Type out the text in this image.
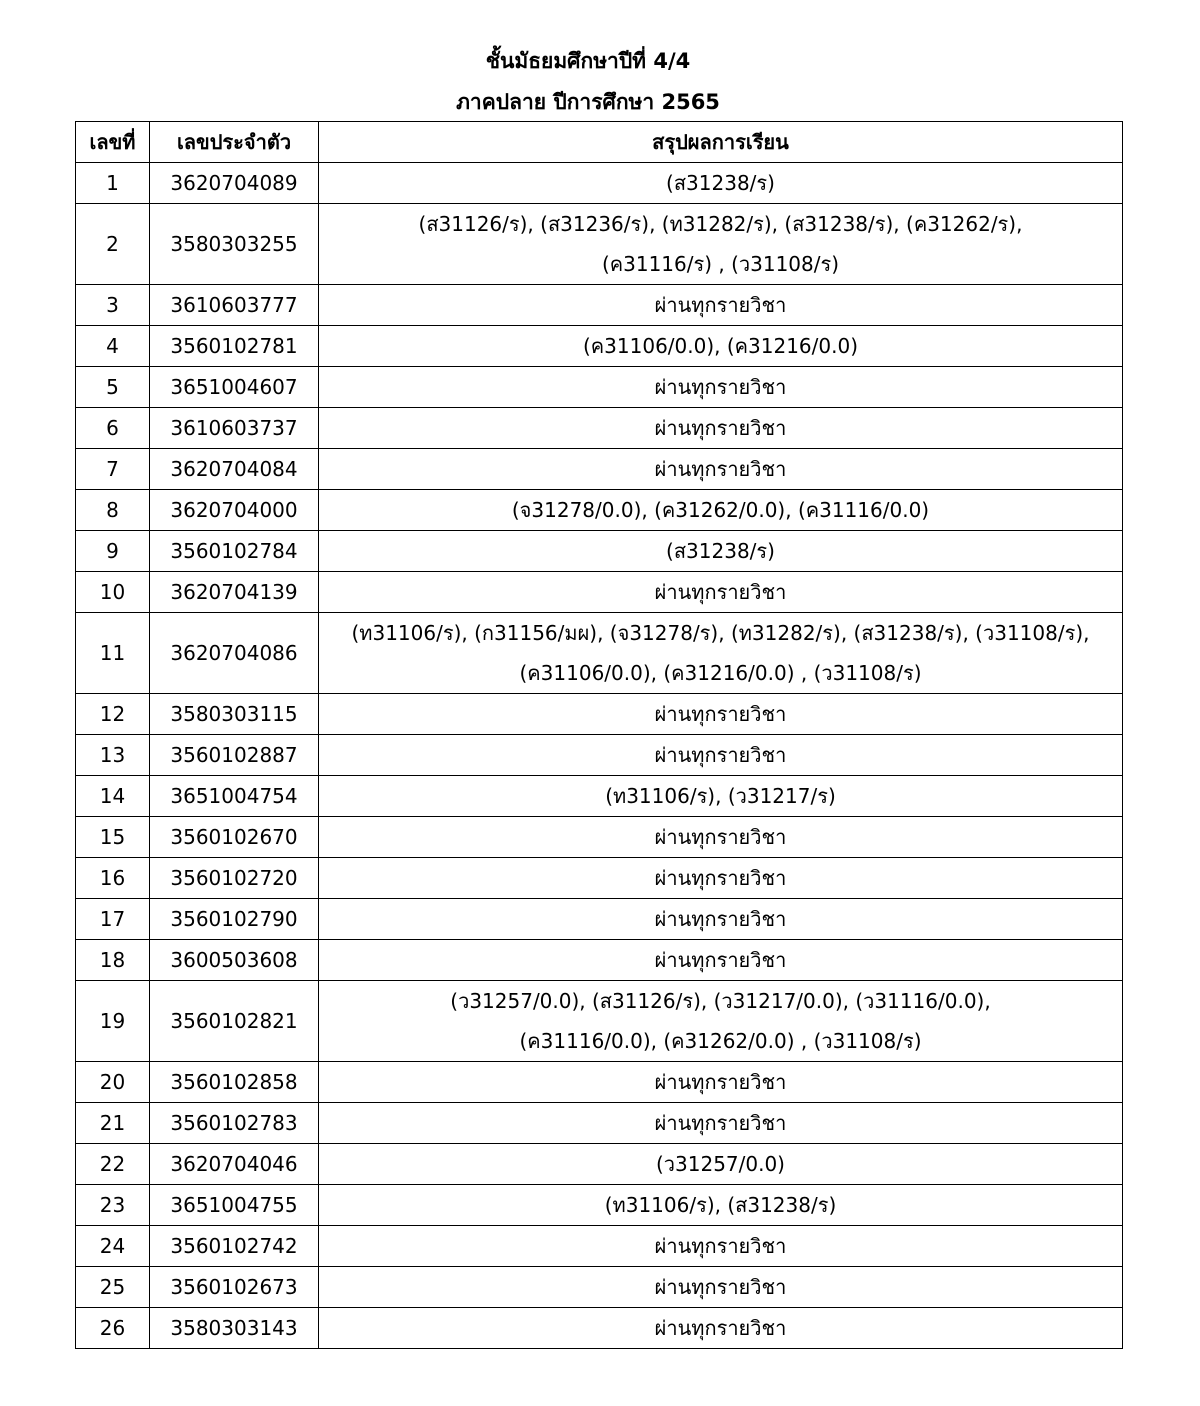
ชั้นมัธยมศึกษาปีที่ 4/4
ภาคปลาย ปีการศึกษา 2565
เลขที่	เลขประจำตัว	สรุปผลการเรียน
1	3620704089	(ส31238/ร)

2	3580303255	(ส31126/ร), (ส31236/ร), (ท31282/ร), (ส31238/ร), (ค31262/ร),
(ค31116/ร) , (ว31108/ร)

3	3610603777	ผ่านทุกรายวิชา

4	3560102781	(ค31106/0.0), (ค31216/0.0)

5	3651004607	ผ่านทุกรายวิชา

6	3610603737	ผ่านทุกรายวิชา

7	3620704084	ผ่านทุกรายวิชา

8	3620704000	(จ31278/0.0), (ค31262/0.0), (ค31116/0.0)

9	3560102784	(ส31238/ร)

10	3620704139	ผ่านทุกรายวิชา

11	3620704086	(ท31106/ร), (ก31156/มผ), (จ31278/ร), (ท31282/ร), (ส31238/ร), (ว31108/ร),
(ค31106/0.0), (ค31216/0.0) , (ว31108/ร)

12	3580303115	ผ่านทุกรายวิชา

13	3560102887	ผ่านทุกรายวิชา

14	3651004754	(ท31106/ร), (ว31217/ร)

15	3560102670	ผ่านทุกรายวิชา

16	3560102720	ผ่านทุกรายวิชา

17	3560102790	ผ่านทุกรายวิชา

18	3600503608	ผ่านทุกรายวิชา

19	3560102821	(ว31257/0.0), (ส31126/ร), (ว31217/0.0), (ว31116/0.0),
(ค31116/0.0), (ค31262/0.0) , (ว31108/ร)

20	3560102858	ผ่านทุกรายวิชา

21	3560102783	ผ่านทุกรายวิชา

22	3620704046	(ว31257/0.0)

23	3651004755	(ท31106/ร), (ส31238/ร)

24	3560102742	ผ่านทุกรายวิชา

25	3560102673	ผ่านทุกรายวิชา

26	3580303143	ผ่านทุกรายวิชา
